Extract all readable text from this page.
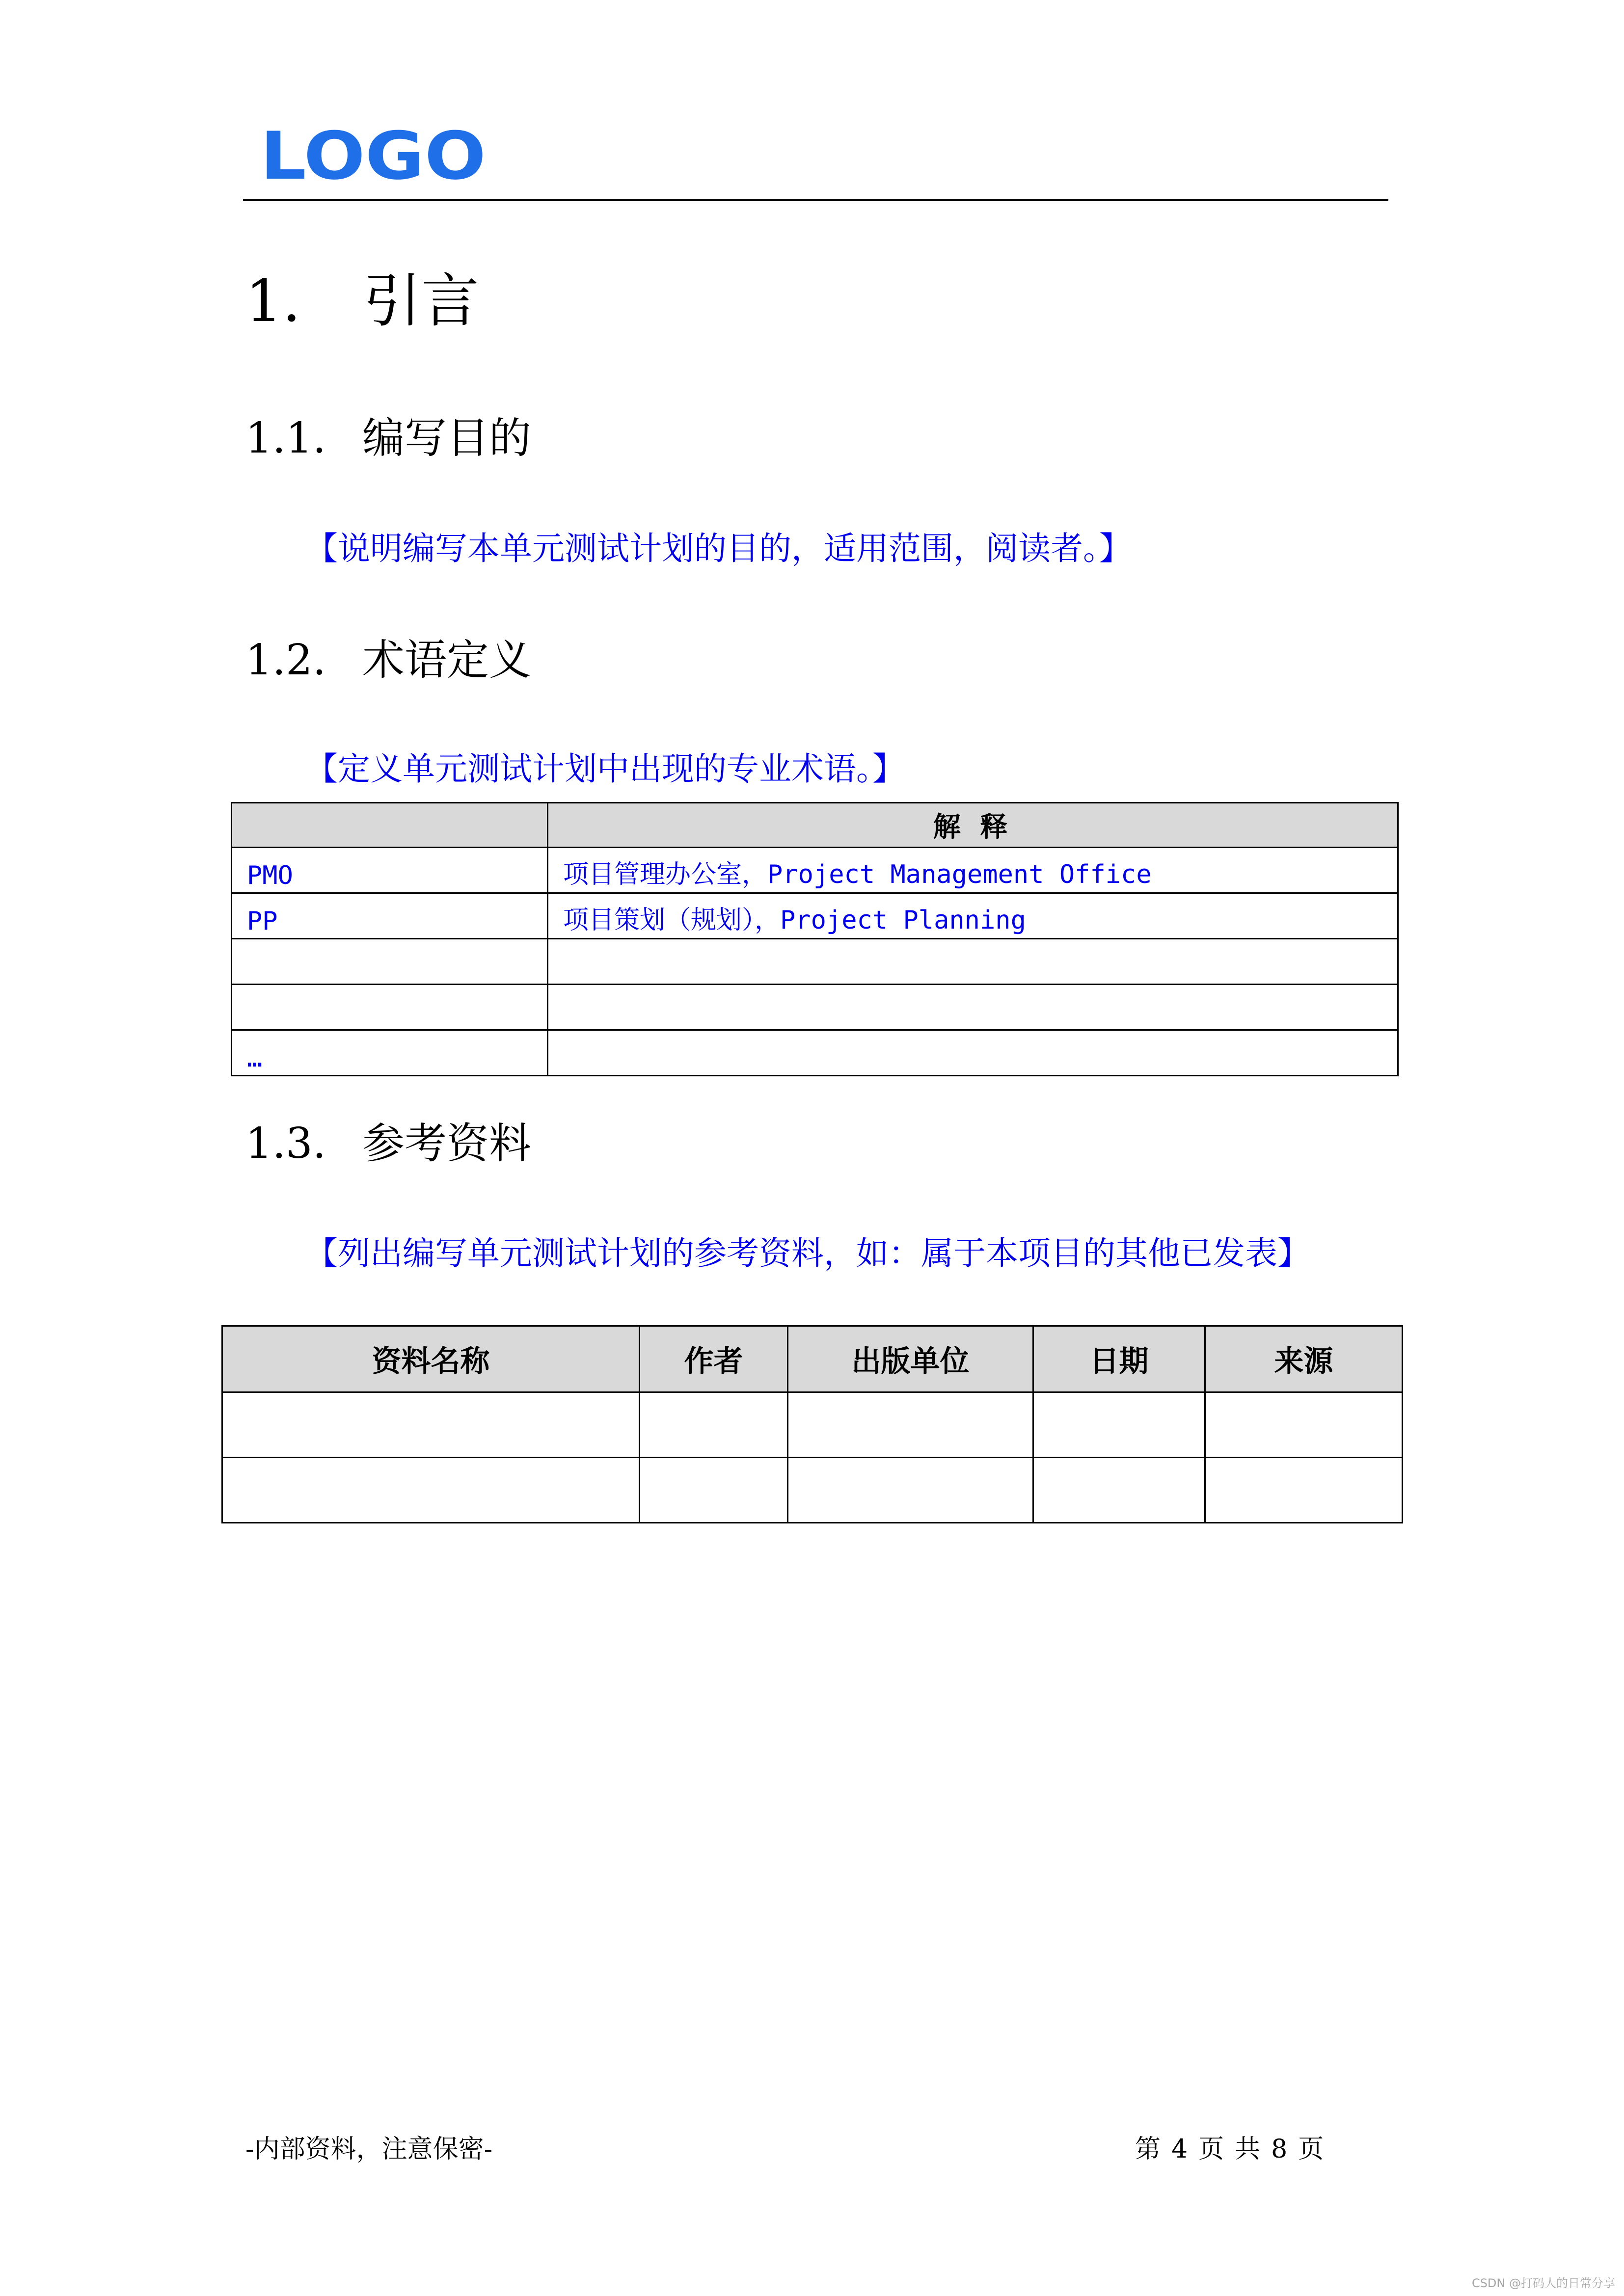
LOGO
1. 引言
1.1. 编写目的
【说明编写本单元测试计划的目的，适用范围，阅读者。】
1.2. 术语定义
【定义单元测试计划中出现的专业术语。】
	解 释
PMO	项目管理办公室，Project Management Office
PP	项目策划（规划），Project Planning

…	
1.3. 参考资料
【列出编写单元测试计划的参考资料，如：属于本项目的其他已发表】
资料名称	作者	出版单位	日期	来源

-内部资料，注意保密-	第 4 页 共 8 页
CSDN @打码人的日常分享
